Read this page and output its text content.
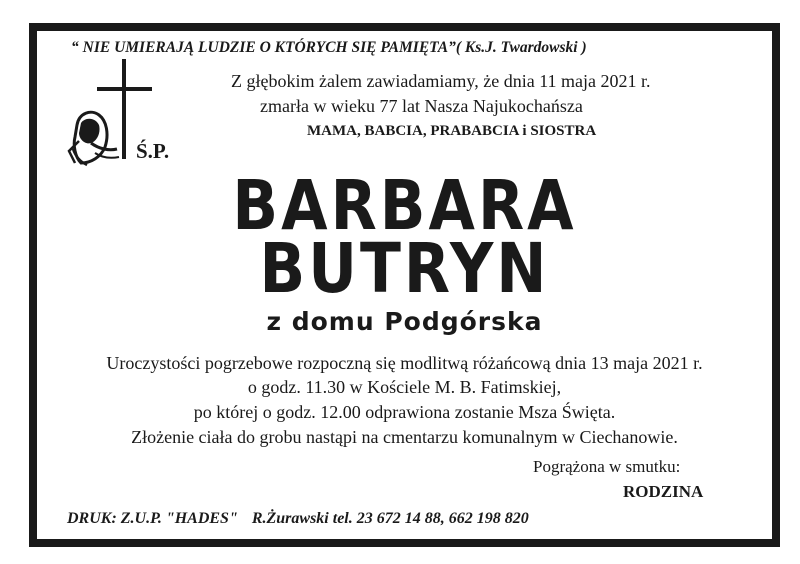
“ NIE UMIERAJĄ LUDZIE O KTÓRYCH SIĘ PAMIĘTA”( Ks.J. Twardowski )
Z głębokim żalem zawiadamiamy, że dnia 11 maja 2021 r.
zmarła w wieku 77 lat Nasza Najukochańsza
MAMA, BABCIA, PRABABCIA i SIOSTRA
Ś.P.
BARBARA
BUTRYN
z domu Podgórska
Uroczystości pogrzebowe rozpoczną się modlitwą różańcową dnia 13 maja 2021 r.
o godz. 11.30 w Kościele M. B. Fatimskiej,
po której o godz. 12.00 odprawiona zostanie Msza Święta.
Złożenie ciała do grobu nastąpi na cmentarzu komunalnym w Ciechanowie.
Pogrążona w smutku:
RODZINA
DRUK: Z.U.P. "HADES" R.Żurawski tel. 23 672 14 88, 662 198 820
